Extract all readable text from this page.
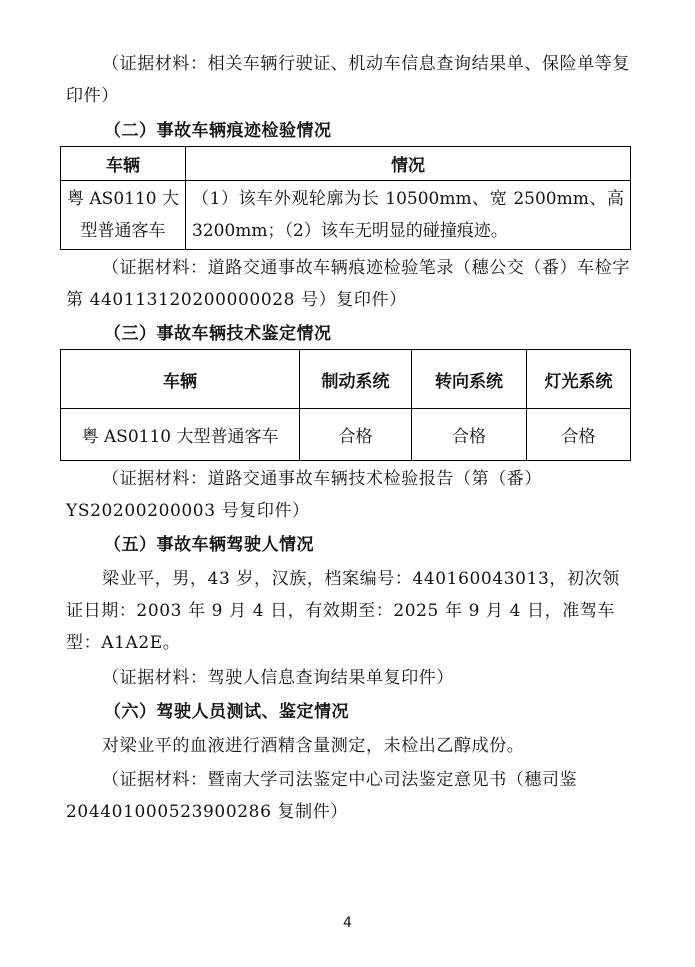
（证据材料：相关车辆行驶证、机动车信息查询结果单、保险单等复印件）

（二）事故车辆痕迹检验情况

车辆	情况
粤 AS0110 大型普通客车	（1）该车外观轮廓为长 10500mm、宽 2500mm、高 3200mm；（2）该车无明显的碰撞痕迹。

（证据材料：道路交通事故车辆痕迹检验笔录（穗公交（番）车检字第 440113120200000028 号）复印件）

（三）事故车辆技术鉴定情况

车辆	制动系统	转向系统	灯光系统
粤 AS0110 大型普通客车	合格	合格	合格

（证据材料：道路交通事故车辆技术检验报告（第（番）YS20200200003 号复印件）

（五）事故车辆驾驶人情况

梁业平，男，43 岁，汉族，档案编号：440160043013，初次领证日期：2003 年 9 月 4 日，有效期至：2025 年 9 月 4 日，准驾车型：A1A2E。

（证据材料：驾驶人信息查询结果单复印件）

（六）驾驶人员测试、鉴定情况

对梁业平的血液进行酒精含量测定，未检出乙醇成份。

（证据材料：暨南大学司法鉴定中心司法鉴定意见书（穗司鉴 204401000523900286 复制件）

4
